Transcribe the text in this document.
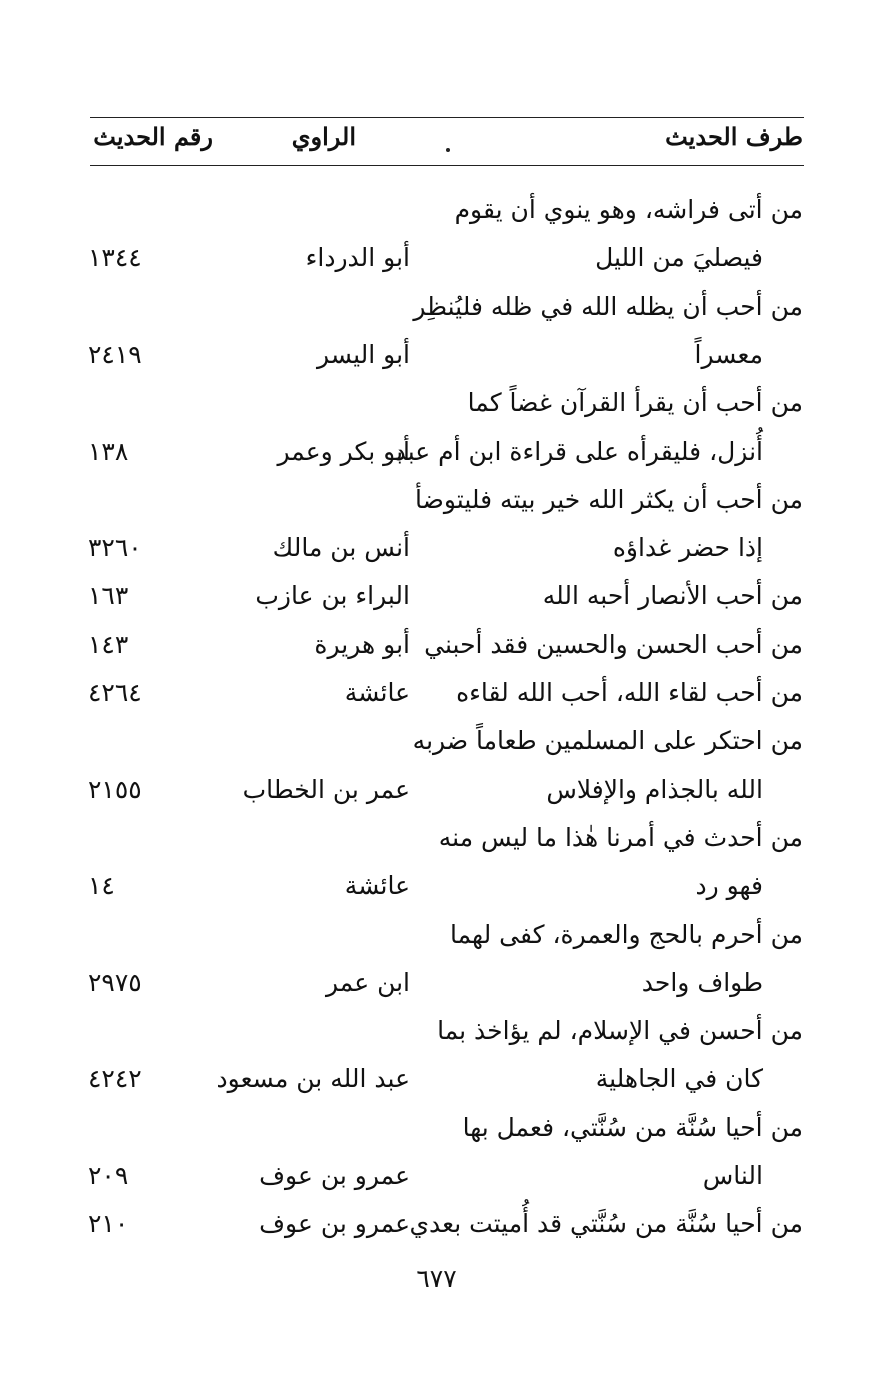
طرف الحديث
الراوي
رقم الحديث
من أتى فراشه، وهو ينوي أن يقوم
فيصليَ من الليل
أبو الدرداء
١٣٤٤
من أحب أن يظله الله في ظله فليُنظِر
معسراً
أبو اليسر
٢٤١٩
من أحب أن يقرأ القرآن غضاً كما
أُنزل، فليقرأه على قراءة ابن أم عبد
أبو بكر وعمر
١٣٨
من أحب أن يكثر الله خير بيته فليتوضأ
إذا حضر غداؤه
أنس بن مالك
٣٢٦٠
من أحب الأنصار أحبه الله
البراء بن عازب
١٦٣
من أحب الحسن والحسين فقد أحبني
أبو هريرة
١٤٣
من أحب لقاء الله، أحب الله لقاءه
عائشة
٤٢٦٤
من احتكر على المسلمين طعاماً ضربه
الله بالجذام والإفلاس
عمر بن الخطاب
٢١٥٥
من أحدث في أمرنا هٰذا ما ليس منه
فهو رد
عائشة
١٤
من أحرم بالحج والعمرة، كفى لهما
طواف واحد
ابن عمر
٢٩٧٥
من أحسن في الإسلام، لم يؤاخذ بما
كان في الجاهلية
عبد الله بن مسعود
٤٢٤٢
من أحيا سُنَّة من سُنَّتي، فعمل بها
الناس
عمرو بن عوف
٢٠٩
من أحيا سُنَّة من سُنَّتي قد أُميتت بعدي
عمرو بن عوف
٢١٠
٦٧٧
